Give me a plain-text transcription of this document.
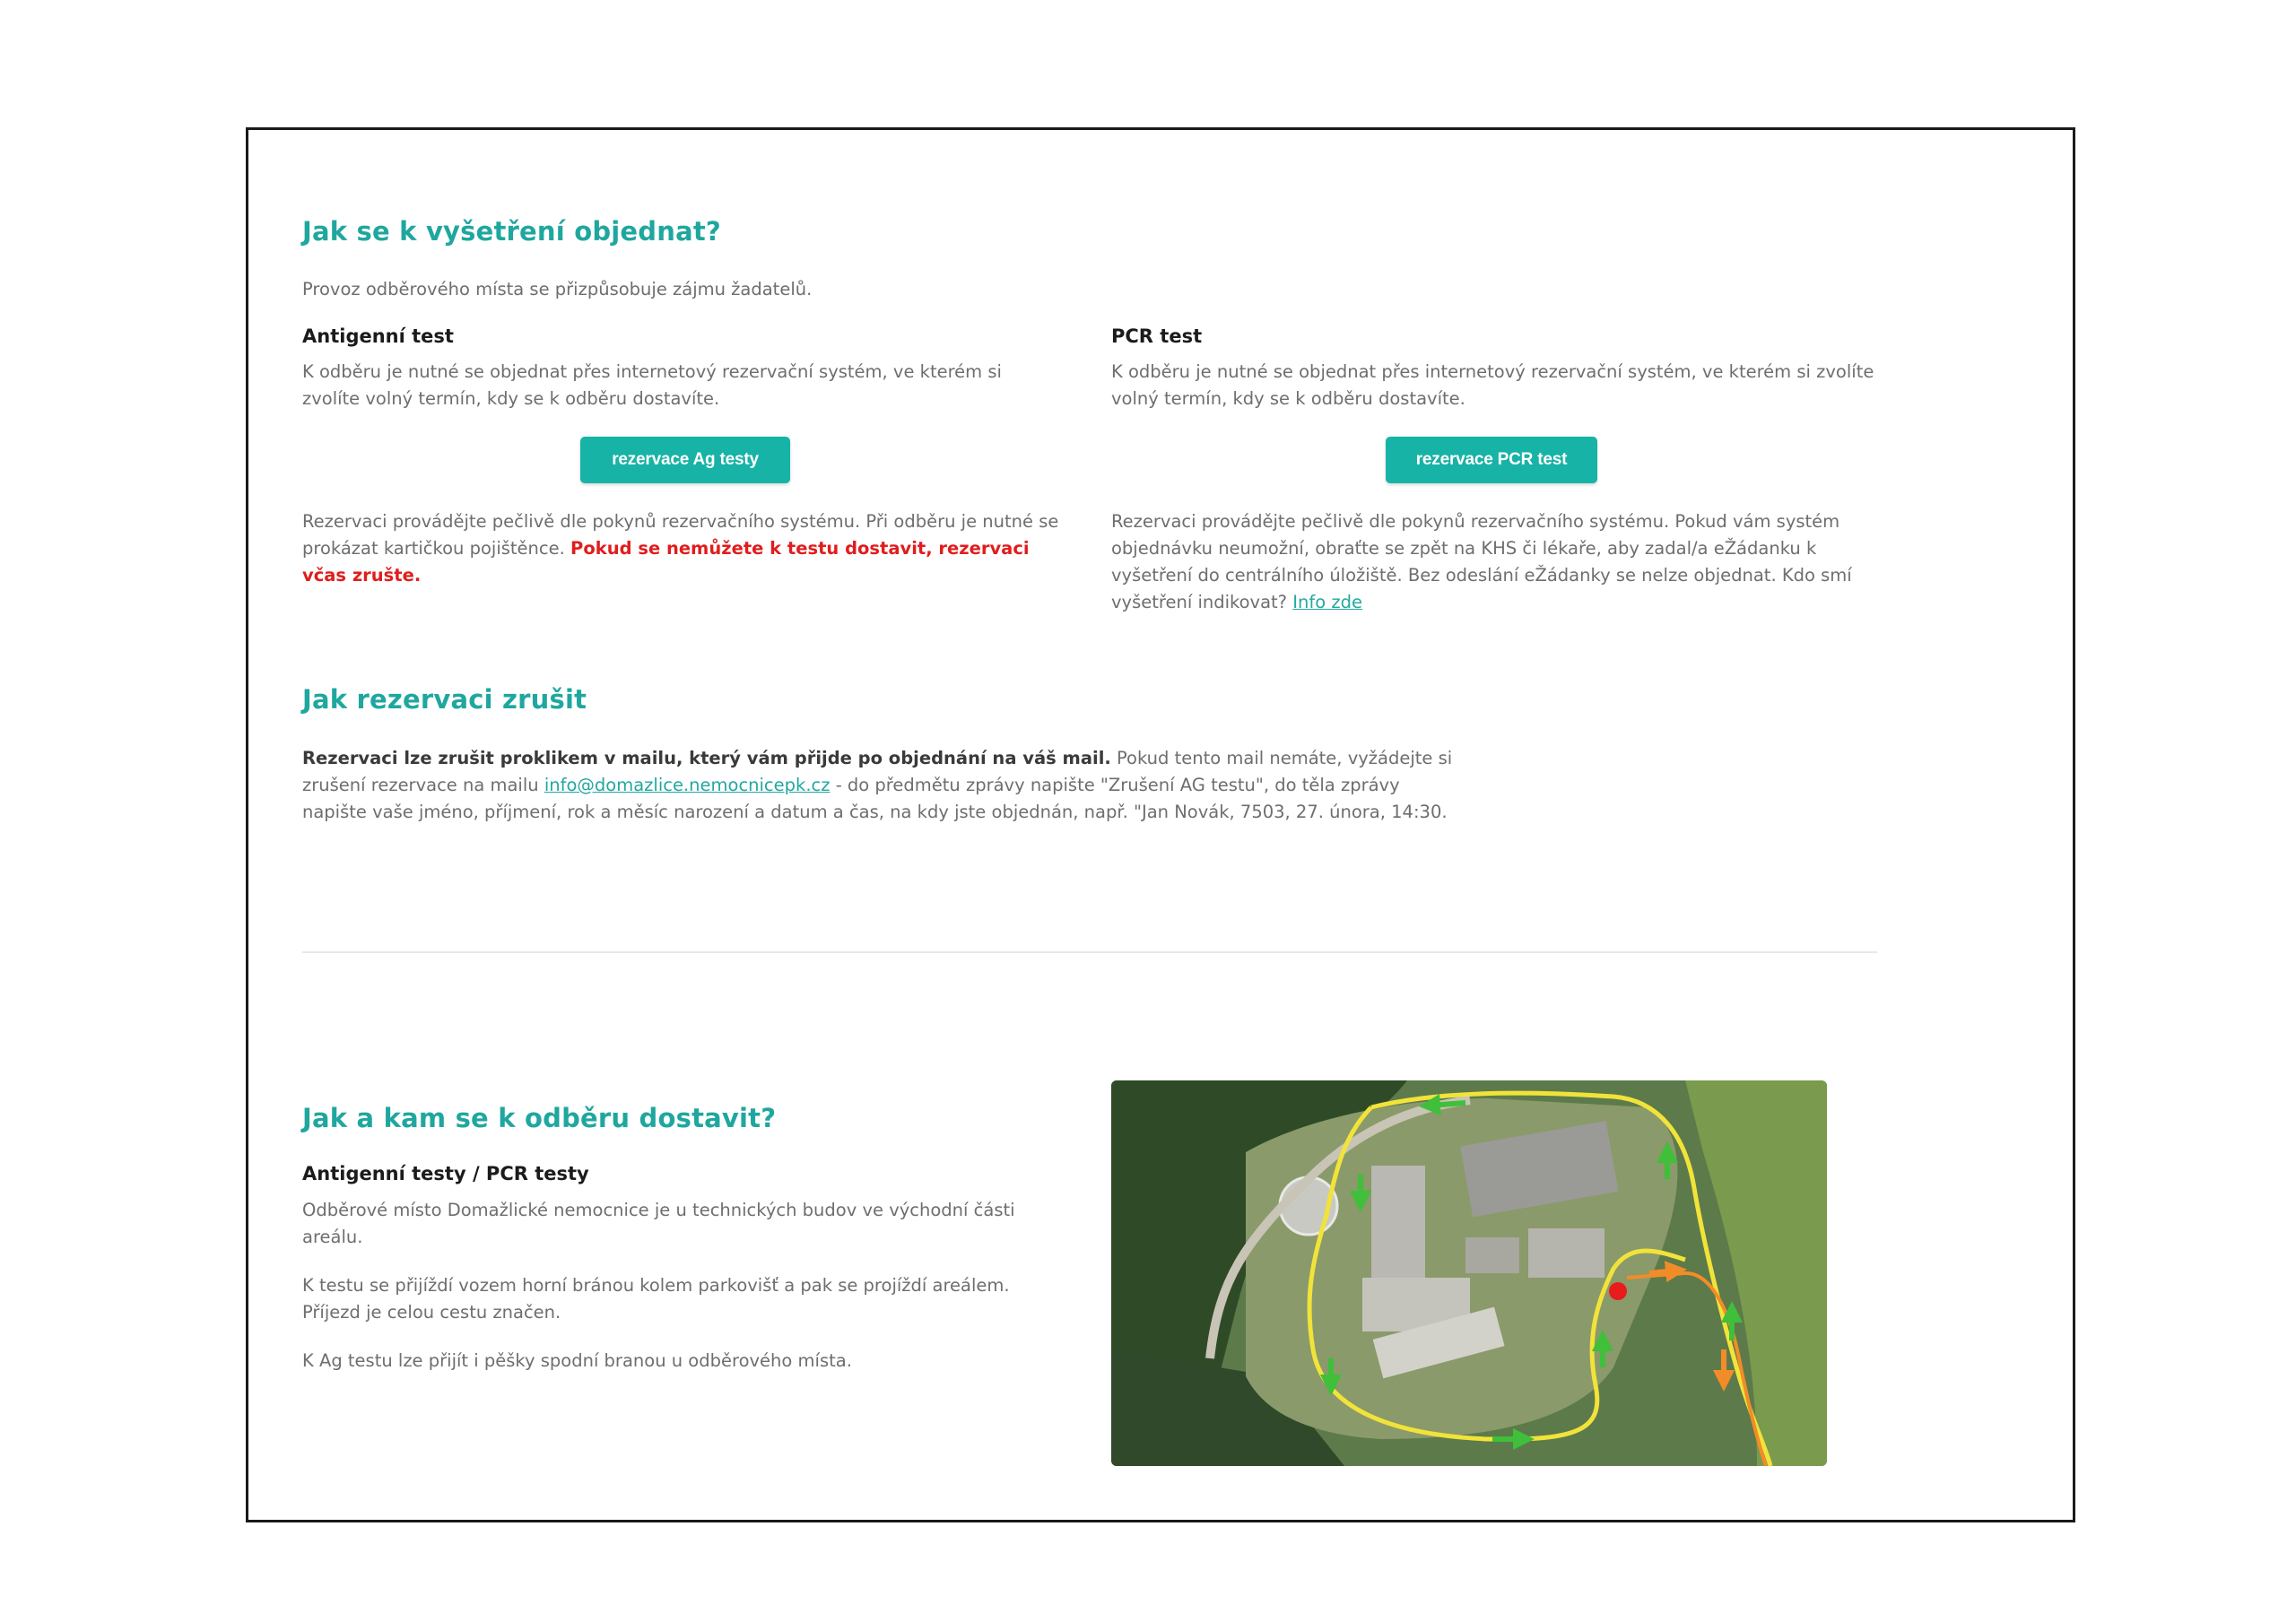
Jak se k vyšetření objednat?

Provoz odběrového místa se přizpůsobuje zájmu žadatelů.

Antigenní test

K odběru je nutné se objednat přes internetový rezervační systém, ve kterém si zvolíte volný termín, kdy se k odběru dostavíte.

rezervace Ag testy

Rezervaci provádějte pečlivě dle pokynů rezervačního systému. Při odběru je nutné se prokázat kartičkou pojištěnce. Pokud se nemůžete k testu dostavit, rezervaci včas zrušte.

PCR test

K odběru je nutné se objednat přes internetový rezervační systém, ve kterém si zvolíte volný termín, kdy se k odběru dostavíte.

rezervace PCR test

Rezervaci provádějte pečlivě dle pokynů rezervačního systému. Pokud vám systém objednávku neumožní, obraťte se zpět na KHS či lékaře, aby zadal/a eŽádanku k vyšetření do centrálního úložiště. Bez odeslání eŽádanky se nelze objednat. Kdo smí vyšetření indikovat? Info zde

Jak rezervaci zrušit

Rezervaci lze zrušit proklikem v mailu, který vám přijde po objednání na váš mail. Pokud tento mail nemáte, vyžádejte si zrušení rezervace na mailu info@domazlice.nemocnicepk.cz - do předmětu zprávy napište "Zrušení AG testu", do těla zprávy napište vaše jméno, příjmení, rok a měsíc narození a datum a čas, na kdy jste objednán, např. "Jan Novák, 7503, 27. února, 14:30.

Jak a kam se k odběru dostavit?
Antigenní testy / PCR testy

Odběrové místo Domažlické nemocnice je u technických budov ve východní části areálu.

K testu se přijíždí vozem horní bránou kolem parkovišť a pak se projíždí areálem. Příjezd je celou cestu značen.

K Ag testu lze přijít i pěšky spodní branou u odběrového místa.
